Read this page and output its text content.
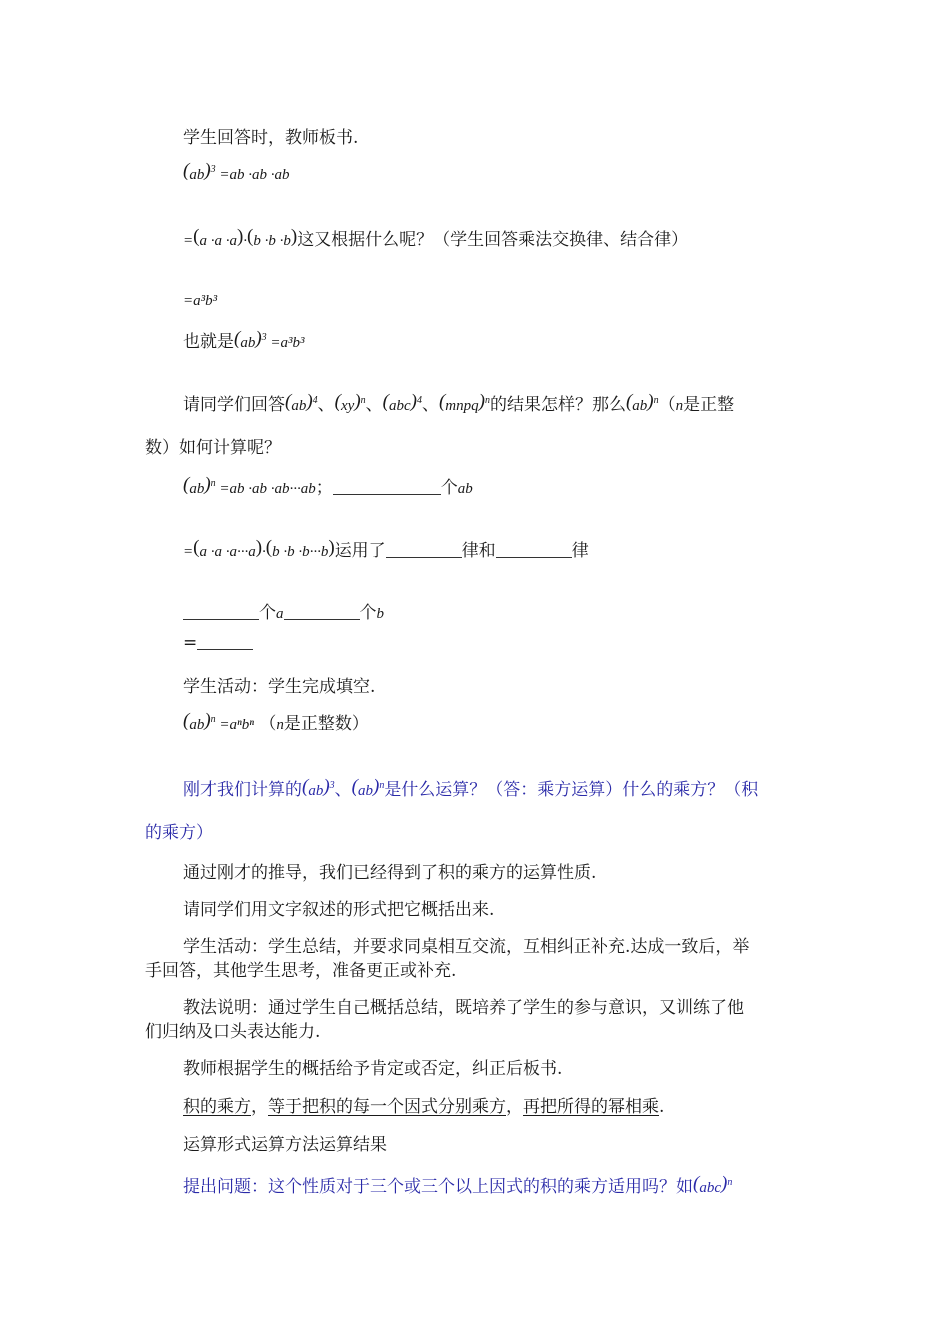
学生回答时，教师板书.
(ab)$^3$ =ab ·ab ·ab
=(a ·a ·a)·(b ·b ·b)这又根据什么呢？（学生回答乘法交换律、结合律）
=a³b³
也就是(ab)$^3$ =a³b³
请同学们回答(ab)$^4$、(xy)$^n$、(abc)$^4$、(mnpq)$^n$的结果怎样？那么(ab)$^n$（n是正整
数）如何计算呢？
(ab)$^n$ =ab ·ab ·ab···ab；	个ab
=(a ·a ·a···a)·(b ·b ·b···b)运用了	律和	律
个a	个b
=
学生活动：学生完成填空.
(ab)$^n$ =aⁿbⁿ （n是正整数）
刚才我们计算的(ab)$^3$、(ab)$^n$是什么运算？（答：乘方运算）什么的乘方？（积
的乘方）
通过刚才的推导，我们已经得到了积的乘方的运算性质.
请同学们用文字叙述的形式把它概括出来.
学生活动：学生总结，并要求同桌相互交流，互相纠正补充.达成一致后，举
手回答，其他学生思考，准备更正或补充.
教法说明：通过学生自己概括总结，既培养了学生的参与意识，又训练了他
们归纳及口头表达能力.
教师根据学生的概括给予肯定或否定，纠正后板书.
积的乘方，等于把积的每一个因式分别乘方，再把所得的幂相乘.
运算形式运算方法运算结果
提出问题：这个性质对于三个或三个以上因式的积的乘方适用吗？如(abc)$^n$
